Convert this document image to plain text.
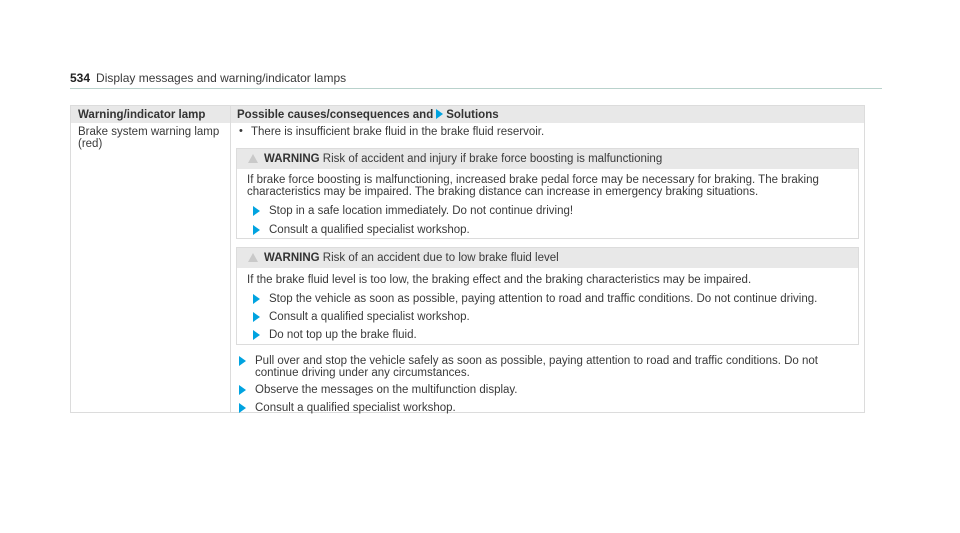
534 Display messages and warning/indicator lamps
Warning/indicator lamp	Possible causes/consequences and Solutions
Brake system warning lamp (red)
• There is insufficient brake fluid in the brake fluid reservoir.
WARNING Risk of accident and injury if brake force boosting is malfunctioning
If brake force boosting is malfunctioning, increased brake pedal force may be necessary for braking. The braking
characteristics may be impaired. The braking distance can increase in emergency braking situations.
Stop in a safe location immediately. Do not continue driving!
Consult a qualified specialist workshop.
WARNING Risk of an accident due to low brake fluid level
If the brake fluid level is too low, the braking effect and the braking characteristics may be impaired.
Stop the vehicle as soon as possible, paying attention to road and traffic conditions. Do not continue driving.
Consult a qualified specialist workshop.
Do not top up the brake fluid.
Pull over and stop the vehicle safely as soon as possible, paying attention to road and traffic conditions. Do not
continue driving under any circumstances.
Observe the messages on the multifunction display.
Consult a qualified specialist workshop.
